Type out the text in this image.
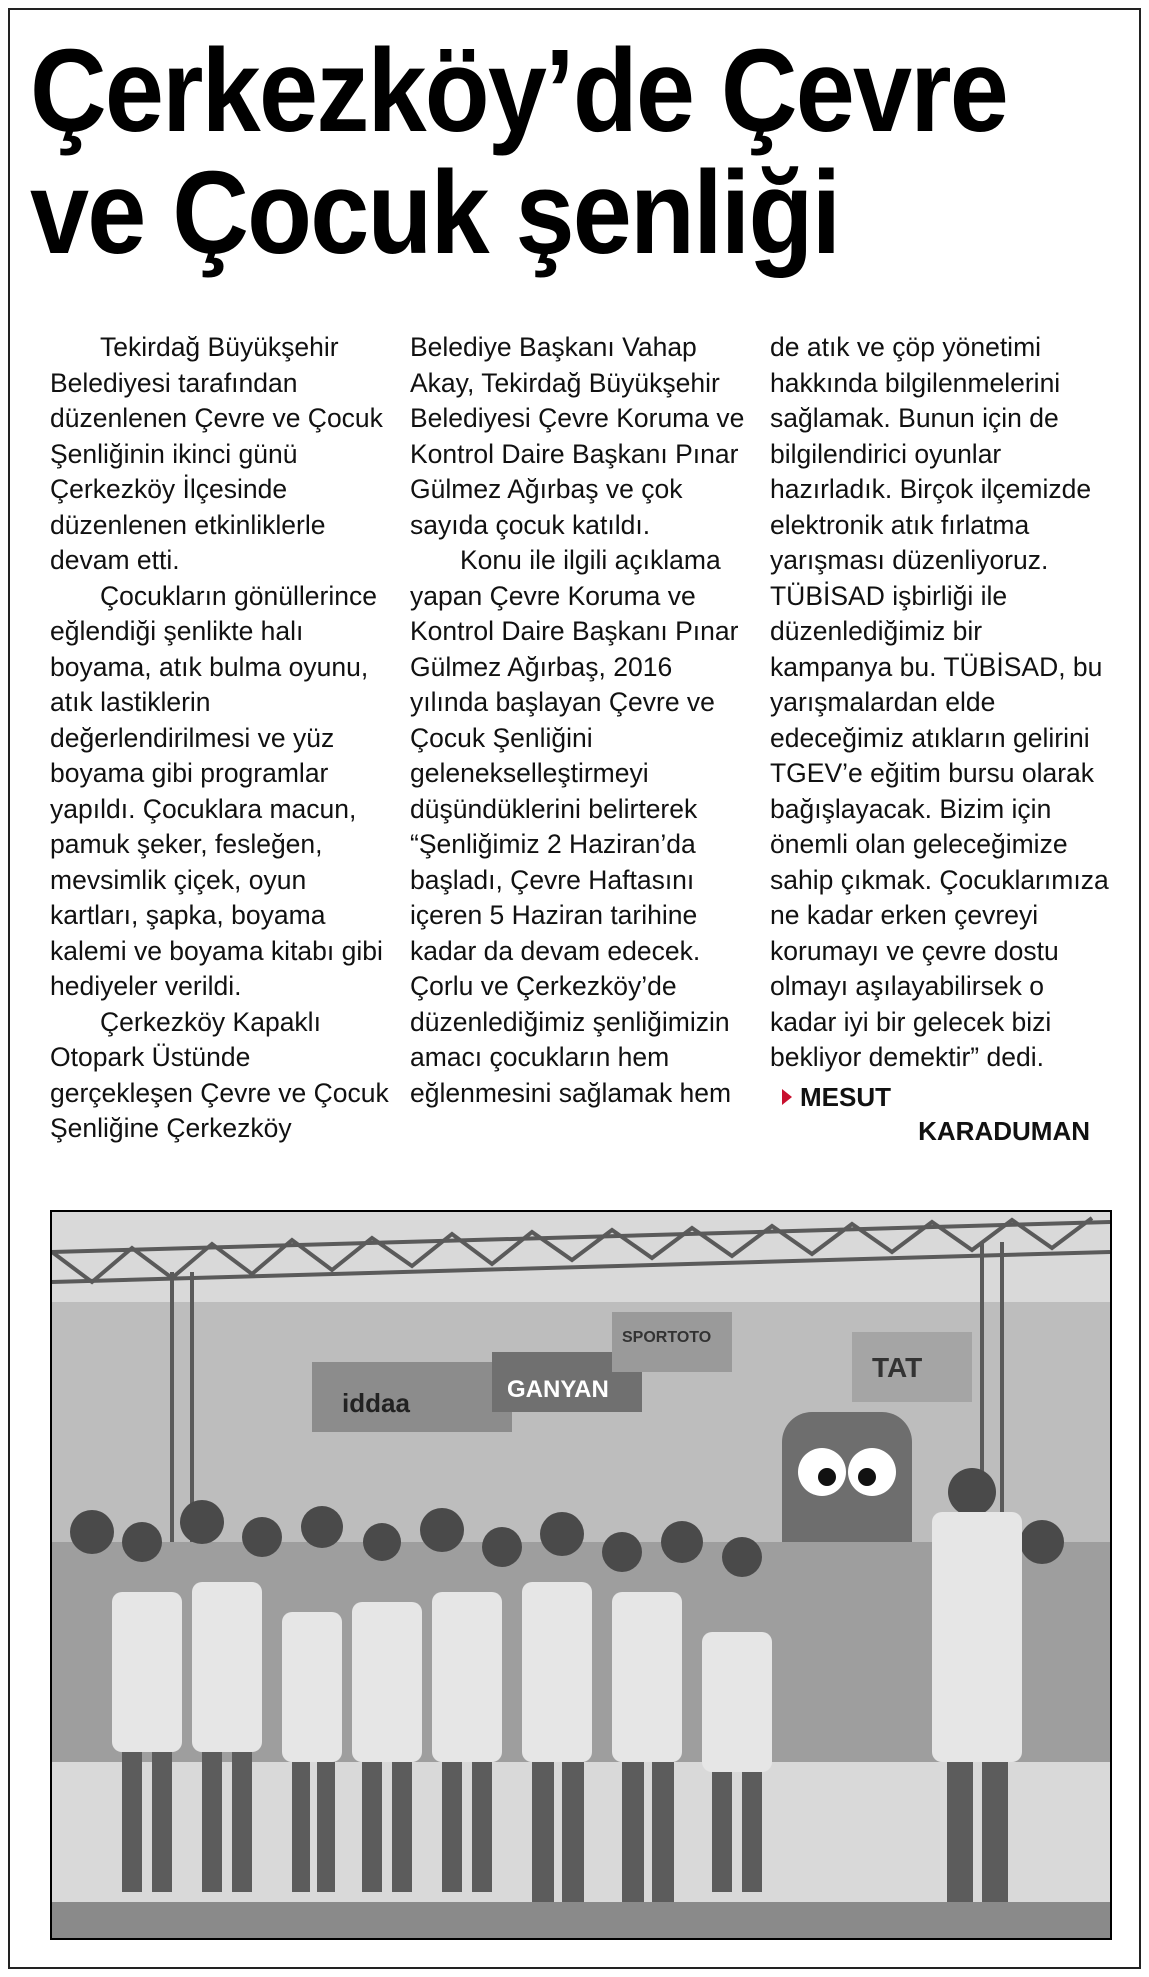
Çerkezköy’de Çevre
ve Çocuk şenliği

Tekirdağ Büyükşehir Belediyesi tarafından düzenlenen Çevre ve Çocuk Şenliğinin ikinci günü Çerkezköy İlçesinde düzenlenen etkinliklerle devam etti.

Çocukların gönüllerince eğlendiği şenlikte halı boyama, atık bulma oyunu, atık lastiklerin değerlendirilmesi ve yüz boyama gibi programlar yapıldı. Çocuklara macun, pamuk şeker, fesleğen, mevsimlik çiçek, oyun kartları, şapka, boyama kalemi ve boyama kitabı gibi hediyeler verildi.

Çerkezköy Kapaklı Otopark Üstünde gerçekleşen Çevre ve Çocuk Şenliğine Çerkezköy

Belediye Başkanı Vahap Akay, Tekirdağ Büyükşehir Belediyesi Çevre Koruma ve Kontrol Daire Başkanı Pınar Gülmez Ağırbaş ve çok sayıda çocuk katıldı.

Konu ile ilgili açıklama yapan Çevre Koruma ve Kontrol Daire Başkanı Pınar Gülmez Ağırbaş, 2016 yılında başlayan Çevre ve Çocuk Şenliğini gelenekselleştirmeyi düşündüklerini belirterek “Şenliğimiz 2 Haziran’da başladı, Çevre Haftasını içeren 5 Haziran tarihine kadar da devam edecek. Çorlu ve Çerkezköy’de düzenlediğimiz şenliğimizin amacı çocukların hem eğlenmesini sağlamak hem

de atık ve çöp yönetimi hakkında bilgilenmelerini sağlamak. Bunun için de bilgilendirici oyunlar hazırladık. Birçok ilçemizde elektronik atık fırlatma yarışması düzenliyoruz. TÜBİSAD işbirliği ile düzenlediğimiz bir kampanya bu. TÜBİSAD, bu yarışmalardan elde edeceğimiz atıkların gelirini TGEV’e eğitim bursu olarak bağışlayacak. Bizim için önemli olan geleceğimize sahip çıkmak. Çocuklarımıza ne kadar erken çevreyi korumayı ve çevre dostu olmayı aşılayabilirsek o kadar iyi bir gelecek bizi bekliyor demektir” dedi.

MESUT
KARADUMAN
iddaa	GANYAN
SPORTOTO
TAT
